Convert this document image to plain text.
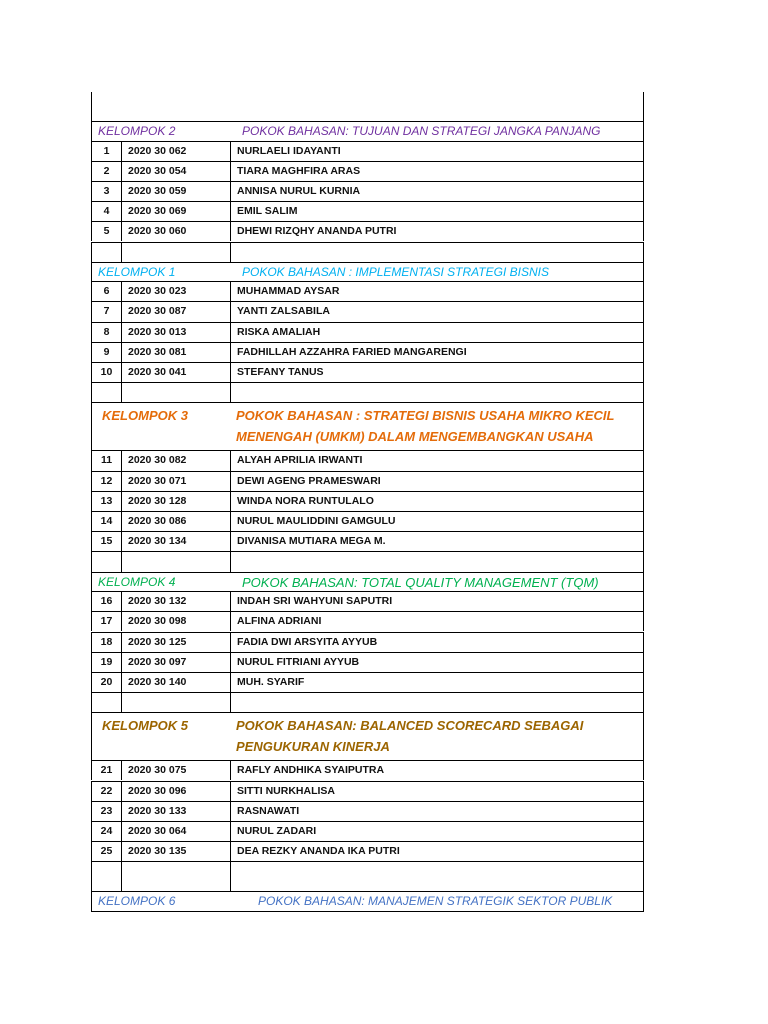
KELOMPOK 2	POKOK BAHASAN: TUJUAN DAN STRATEGI JANGKA PANJANG
1	2020 30 062	NURLAELI IDAYANTI
2	2020 30 054	TIARA MAGHFIRA ARAS
3	2020 30 059	ANNISA NURUL KURNIA
4	2020 30 069	EMIL SALIM
5	2020 30 060	DHEWI RIZQHY ANANDA PUTRI
KELOMPOK 1	POKOK BAHASAN : IMPLEMENTASI STRATEGI BISNIS
6	2020 30 023	MUHAMMAD AYSAR
7	2020 30 087	YANTI ZALSABILA
8	2020 30 013	RISKA AMALIAH
9	2020 30 081	FADHILLAH AZZAHRA FARIED MANGARENGI
10	2020 30 041	STEFANY TANUS
KELOMPOK 3	POKOK BAHASAN : STRATEGI BISNIS USAHA MIKRO KECIL
MENENGAH (UMKM) DALAM MENGEMBANGKAN USAHA
11	2020 30 082	ALYAH APRILIA IRWANTI
12	2020 30 071	DEWI AGENG PRAMESWARI
13	2020 30 128	WINDA NORA RUNTULALO
14	2020 30 086	NURUL MAULIDDINI GAMGULU
15	2020 30 134	DIVANISA MUTIARA MEGA M.
KELOMPOK 4	POKOK BAHASAN: TOTAL QUALITY MANAGEMENT (TQM)
16	2020 30 132	INDAH SRI WAHYUNI SAPUTRI
17	2020 30 098	ALFINA ADRIANI
18	2020 30 125	FADIA DWI ARSYITA AYYUB
19	2020 30 097	NURUL FITRIANI AYYUB
20	2020 30 140	MUH. SYARIF
KELOMPOK 5	POKOK BAHASAN: BALANCED SCORECARD SEBAGAI
PENGUKURAN KINERJA
21	2020 30 075	RAFLY ANDHIKA SYAIPUTRA
22	2020 30 096	SITTI NURKHALISA
23	2020 30 133	RASNAWATI
24	2020 30 064	NURUL ZADARI
25	2020 30 135	DEA REZKY ANANDA IKA PUTRI
KELOMPOK 6	POKOK BAHASAN: MANAJEMEN STRATEGIK SEKTOR PUBLIK
